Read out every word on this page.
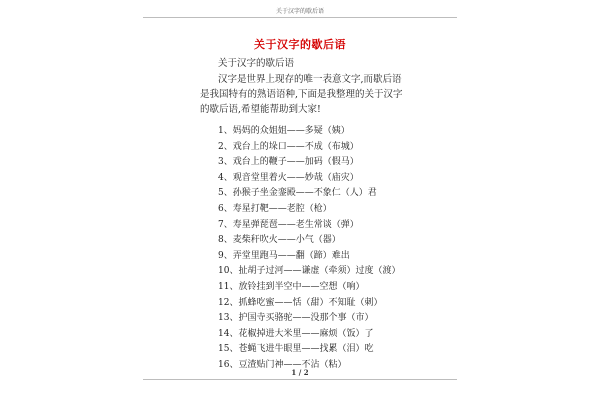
关于汉字的歇后语
关于汉字的歇后语
关于汉字的歇后语
汉字是世界上现存的唯一表意文字,而歇后语是我国特有的熟语语种,下面是我整理的关于汉字的歇后语,希望能帮助到大家!
1、妈妈的众姐姐——多疑（姨）
2、戏台上的垛口——不成（布城）
3、戏台上的鞭子——加码（假马）
4、观音堂里着火——妙哉（庙灾）
5、孙猴子坐金銮殿——不象仁（人）君
6、寿星打靶——老腔（枪）
7、寿星弹琵琶——老生常谈（弹）
8、麦柴秆吹火——小气（器）
9、弄堂里跑马——翻（蹄）难出
10、扯胡子过河——谦虚（牵须）过度（渡）
11、放铃挂到半空中——空想（响）
12、抓蜂吃蜜——恬（甜）不知耻（刺）
13、护国寺买骆驼——没那个事（市）
14、花椒掉进大米里——麻烦（饭）了
15、苍蝇飞进牛眼里——找累（泪）吃
16、豆渣贴门神——不沾（粘）
1 / 2
